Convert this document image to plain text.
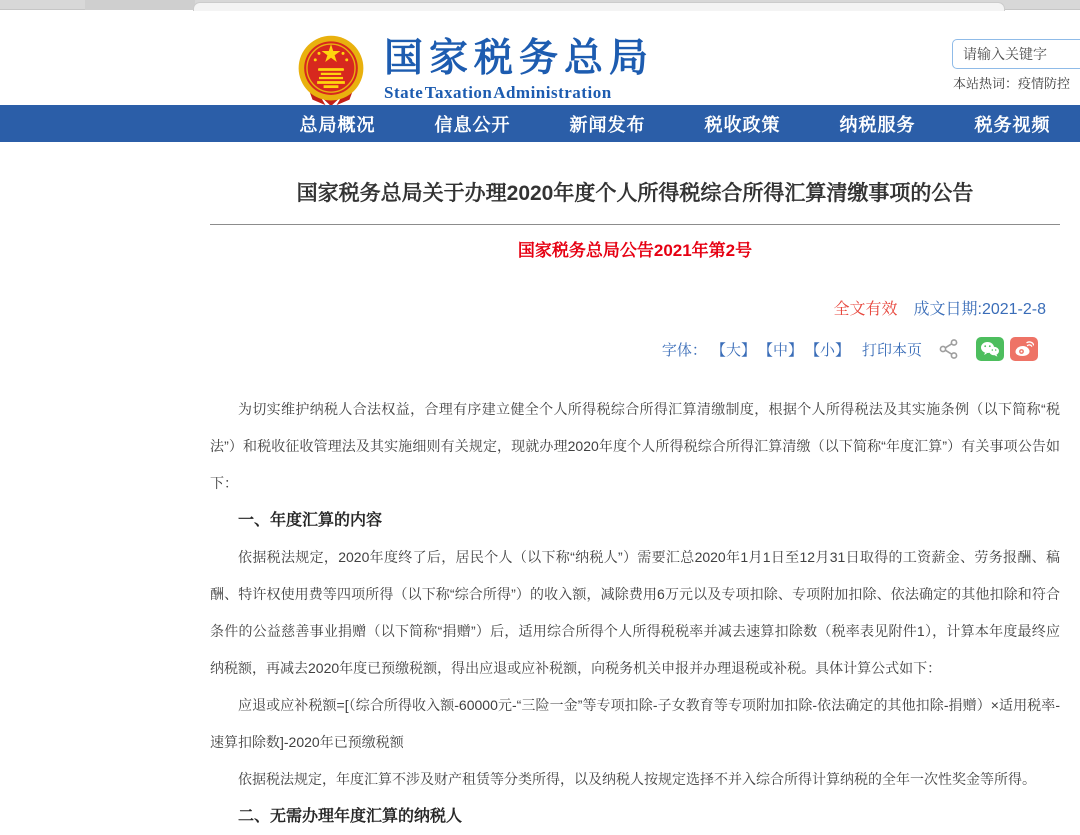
国家税务总局
State Taxation Administration
请输入关键字	本站热词：疫情防控
总局概况	信息公开	新闻发布	税收政策	纳税服务	税务视频
国家税务总局关于办理2020年度个人所得税综合所得汇算清缴事项的公告
国家税务总局公告2021年第2号
全文有效 成文日期:2021-2-8
字体： 【大】 【中】 【小】 打印本页

为切实维护纳税人合法权益，合理有序建立健全个人所得税综合所得汇算清缴制度，根据个人所得税法及其实施条例（以下简称“税法”）和税收征收管理法及其实施细则有关规定，现就办理2020年度个人所得税综合所得汇算清缴（以下简称“年度汇算”）有关事项公告如下：

一、年度汇算的内容

依据税法规定，2020年度终了后，居民个人（以下称“纳税人”）需要汇总2020年1月1日至12月31日取得的工资薪金、劳务报酬、稿酬、特许权使用费等四项所得（以下称“综合所得”）的收入额，减除费用6万元以及专项扣除、专项附加扣除、依法确定的其他扣除和符合条件的公益慈善事业捐赠（以下简称“捐赠”）后，适用综合所得个人所得税税率并减去速算扣除数（税率表见附件1），计算本年度最终应纳税额，再减去2020年度已预缴税额，得出应退或应补税额，向税务机关申报并办理退税或补税。具体计算公式如下：

应退或应补税额=[（综合所得收入额-60000元-“三险一金”等专项扣除-子女教育等专项附加扣除-依法确定的其他扣除-捐赠）×适用税率-速算扣除数]-2020年已预缴税额

依据税法规定，年度汇算不涉及财产租赁等分类所得，以及纳税人按规定选择不并入综合所得计算纳税的全年一次性奖金等所得。

二、无需办理年度汇算的纳税人
